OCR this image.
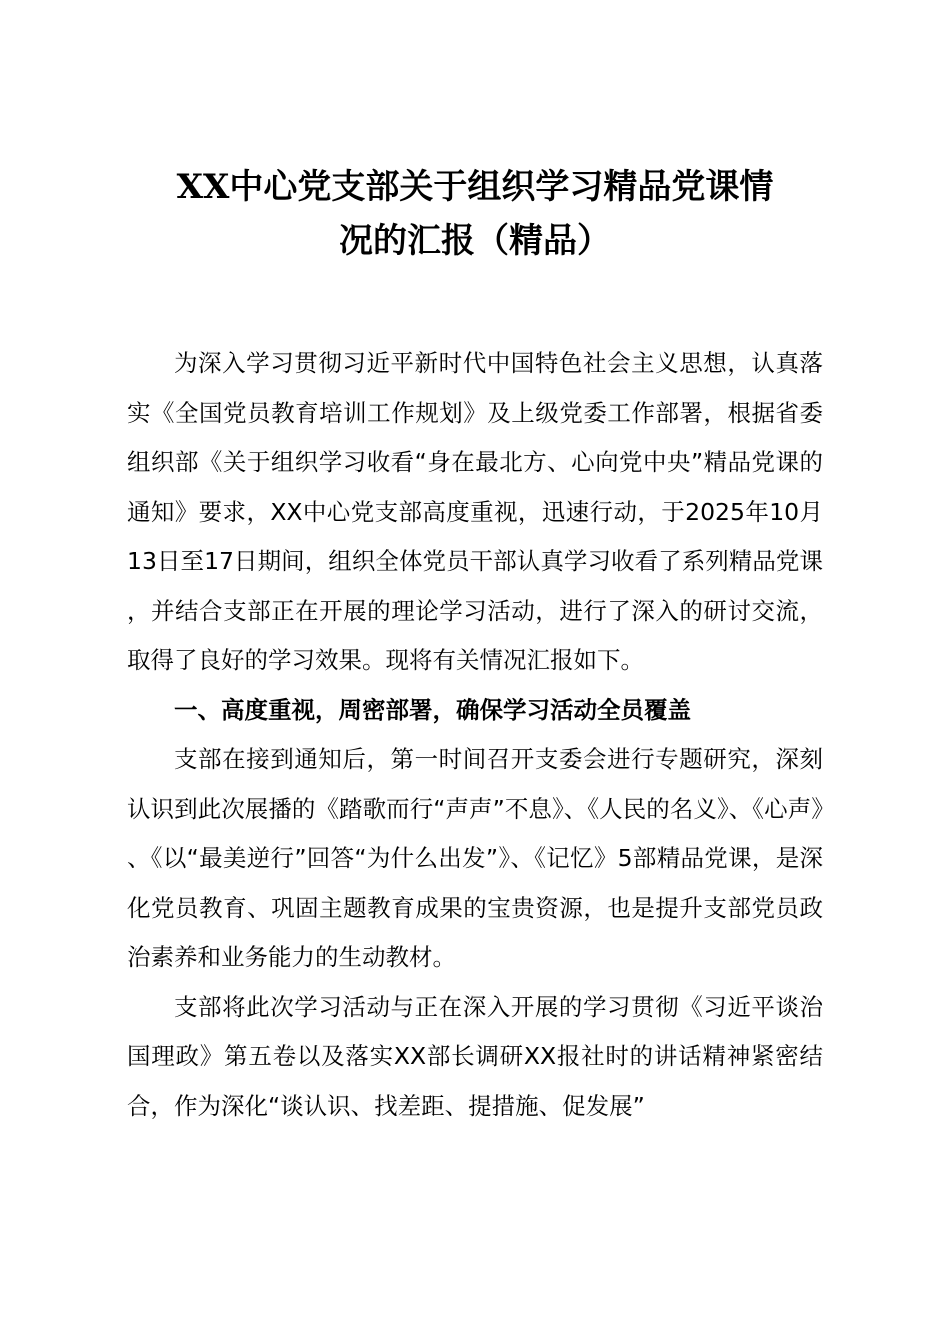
XX中心党支部关于组织学习精品党课情
况的汇报（精品）

为深入学习贯彻习近平新时代中国特色社会主义思想，认真落实《全国党员教育培训工作规划》及上级党委工作部署，根据省委组织部《关于组织学习收看“身在最北方、心向党中央”精品党课的通知》要求，XX中心党支部高度重视，迅速行动，于2025年10月13日至17日期间，组织全体党员干部认真学习收看了系列精品党课，并结合支部正在开展的理论学习活动，进行了深入的研讨交流，取得了良好的学习效果。现将有关情况汇报如下。

一、高度重视，周密部署，确保学习活动全员覆盖

支部在接到通知后，第一时间召开支委会进行专题研究，深刻认识到此次展播的《踏歌而行“声声”不息》、《人民的名义》、《心声》、《以“最美逆行”回答“为什么出发”》、《记忆》5部精品党课，是深化党员教育、巩固主题教育成果的宝贵资源，也是提升支部党员政治素养和业务能力的生动教材。

支部将此次学习活动与正在深入开展的学习贯彻《习近平谈治国理政》第五卷以及落实XX部长调研XX报社时的讲话精神紧密结合，作为深化“谈认识、找差距、提措施、促发展”
